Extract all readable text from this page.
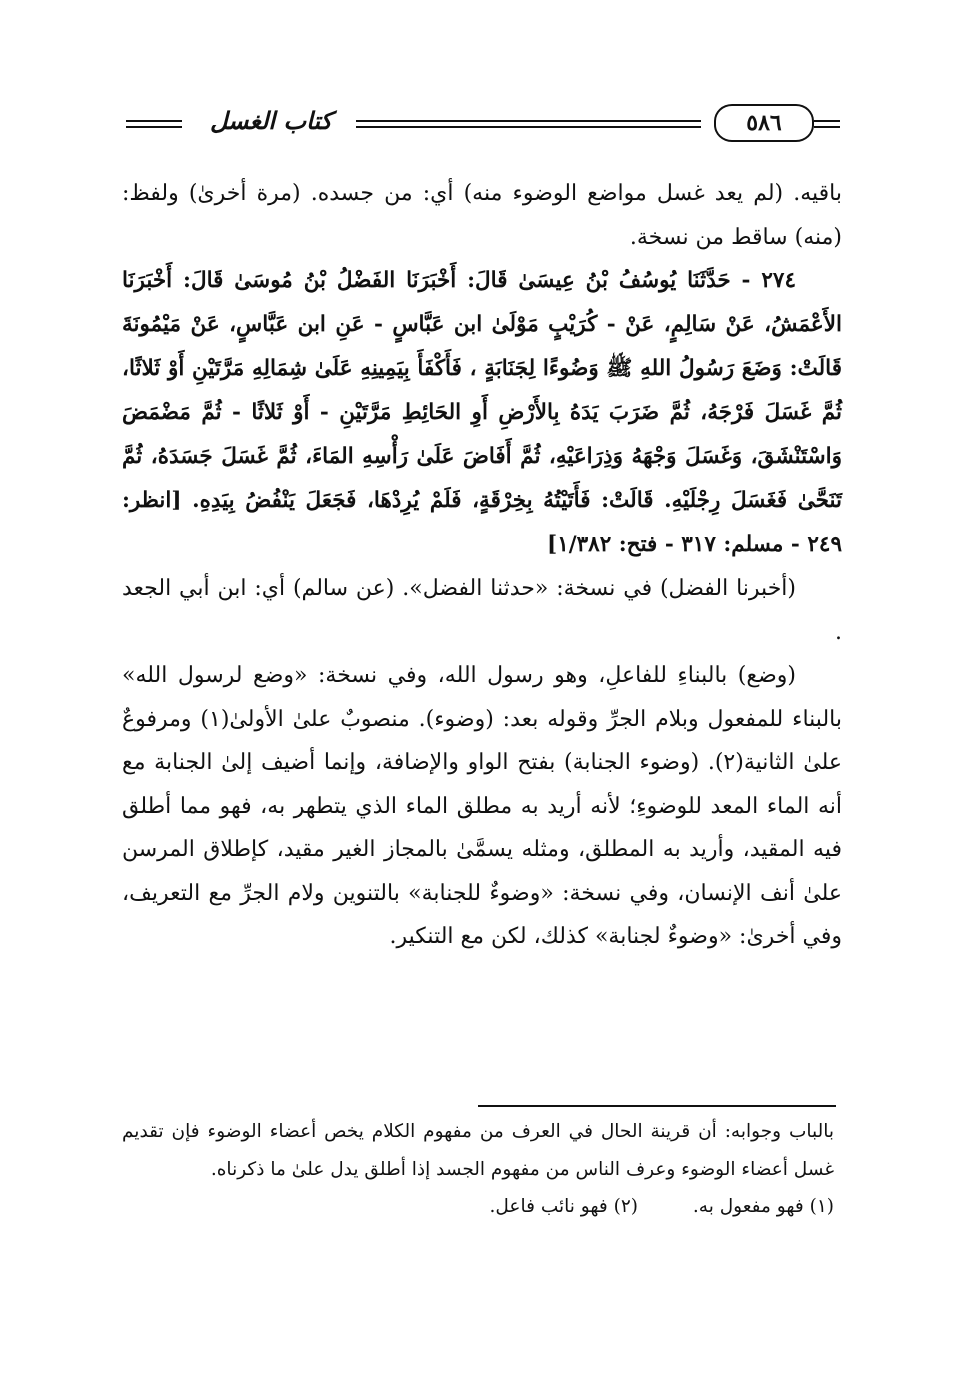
كتاب الغسل	٥٨٦

باقيه. (لم يعد غسل مواضع الوضوء منه) أي: من جسده. (مرة أخرىٰ) ولفظ: (منه) ساقط من نسخة.

٢٧٤ - حَدَّثَنَا يُوسُفُ بْنُ عِيسَىٰ قَالَ: أَخْبَرَنَا الفَضْلُ بْنُ مُوسَىٰ قَالَ: أَخْبَرَنَا الأَعْمَشُ، عَنْ سَالِمٍ، عَنْ - كُرَيْبٍ مَوْلَىٰ ابن عَبَّاسٍ - عَنِ ابن عَبَّاسٍ، عَنْ مَيْمُونَةَ قَالَتْ: وَضَعَ رَسُولُ اللهِ ﷺ وَضُوءًا لِجَنَابَةٍ ، فَأَكْفَأَ بِيَمِينِهِ عَلَىٰ شِمَالِهِ مَرَّتَيْنِ أَوْ ثَلاثًا، ثُمَّ غَسَلَ فَرْجَهُ، ثُمَّ ضَرَبَ يَدَهُ بِالأَرْضِ أَوِ الحَائِطِ مَرَّتَيْنِ - أَوْ ثَلاثًا - ثُمَّ مَضْمَضَ وَاسْتَنْشَقَ، وَغَسَلَ وَجْهَهُ وَذِرَاعَيْهِ، ثُمَّ أَفَاضَ عَلَىٰ رَأْسِهِ المَاءَ، ثُمَّ غَسَلَ جَسَدَهُ، ثُمَّ تَنَحَّىٰ فَغَسَلَ رِجْلَيْهِ. قَالَتْ: فَأَتَيْتُهُ بِخِرْقَةٍ، فَلَمْ يُرِدْهَا، فَجَعَلَ يَنْفُضُ بِيَدِهِ. [انظر: ٢٤٩ - مسلم: ٣١٧ - فتح: ١/٣٨٢]

(أخبرنا الفضل) في نسخة: «حدثنا الفضل». (عن سالم) أي: ابن أبي الجعد .

(وضع) بالبناءِ للفاعلِ، وهو رسول الله، وفي نسخة: «وضع لرسول الله» بالبناء للمفعول وبلام الجرِّ وقوله بعد: (وضوء). منصوبٌ علىٰ الأولىٰ(١) ومرفوعٌ علىٰ الثانية(٢). (وضوء الجنابة) بفتح الواو والإضافة، وإنما أضيف إلىٰ الجنابة مع أنه الماء المعد للوضوءِ؛ لأنه أريد به مطلق الماء الذي يتطهر به، فهو مما أطلق فيه المقيد، وأريد به المطلق، ومثله يسمَّىٰ بالمجاز الغير مقيد، كإطلاق المرسن علىٰ أنف الإنسان، وفي نسخة: «وضوءٌ للجنابة» بالتنوين ولام الجرِّ مع التعريف، وفي أخرىٰ: «وضوءٌ لجنابة» كذلك، لكن مع التنكير.

بالباب وجوابه: أن قرينة الحال في العرف من مفهوم الكلام يخص أعضاء الوضوء فإن تقديم غسل أعضاء الوضوء وعرف الناس من مفهوم الجسد إذا أطلق يدل علىٰ ما ذكرناه.

(١) فهو مفعول به.
(٢) فهو نائب فاعل.
